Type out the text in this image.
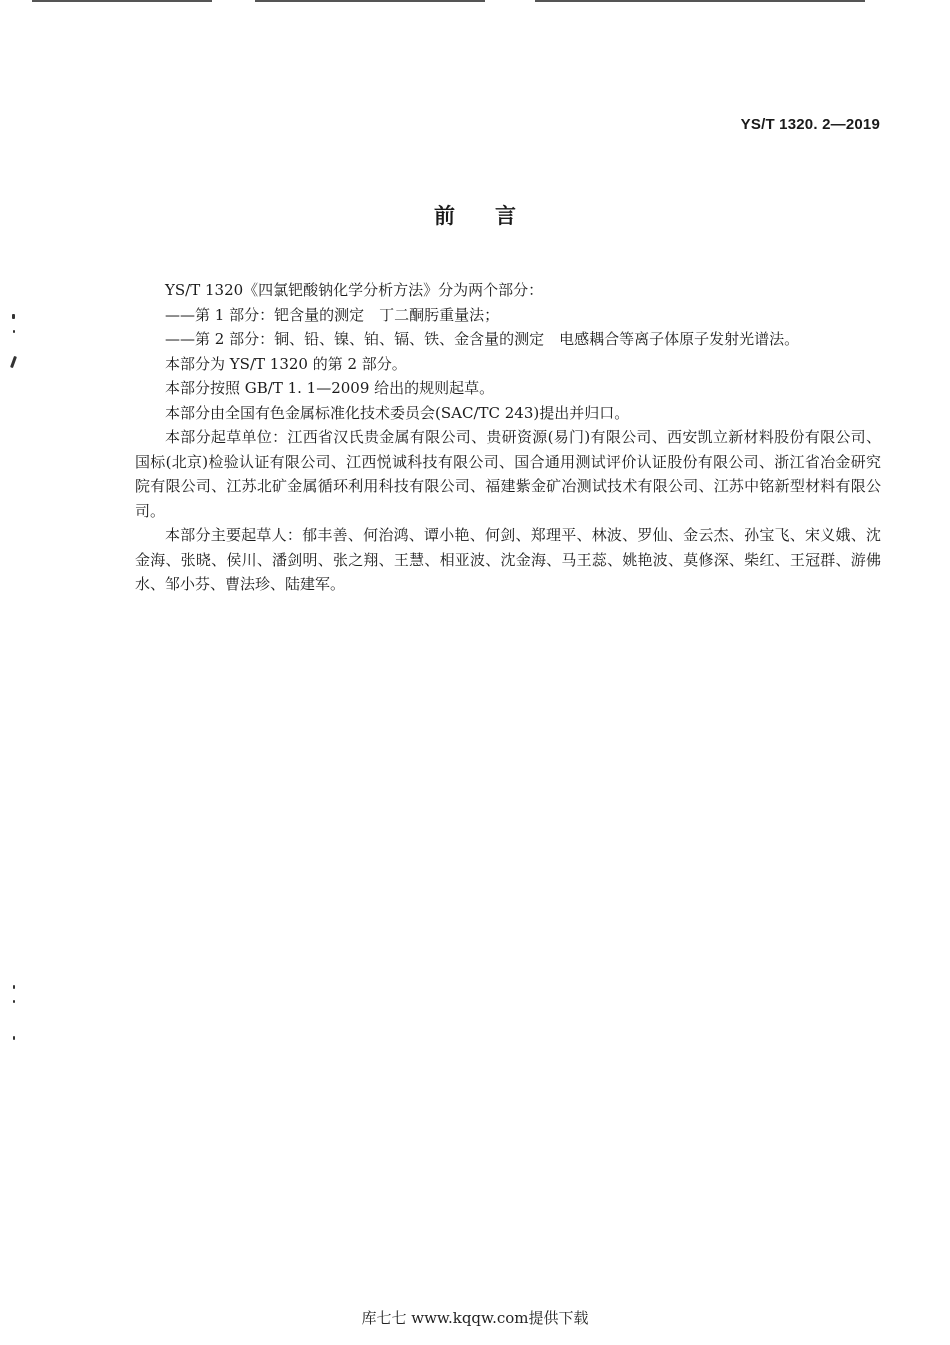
YS/T 1320. 2—2019
前言

YS/T 1320《四氯钯酸钠化学分析方法》分为两个部分：

——第 1 部分：钯含量的测定　丁二酮肟重量法；

——第 2 部分：铜、铅、镍、铂、镉、铁、金含量的测定　电感耦合等离子体原子发射光谱法。

本部分为 YS/T 1320 的第 2 部分。

本部分按照 GB/T 1. 1—2009 给出的规则起草。

本部分由全国有色金属标准化技术委员会(SAC/TC 243)提出并归口。

本部分起草单位：江西省汉氏贵金属有限公司、贵研资源(易门)有限公司、西安凯立新材料股份有限公司、国标(北京)检验认证有限公司、江西悦诚科技有限公司、国合通用测试评价认证股份有限公司、浙江省冶金研究院有限公司、江苏北矿金属循环利用科技有限公司、福建紫金矿冶测试技术有限公司、江苏中铭新型材料有限公司。

本部分主要起草人：郁丰善、何治鸿、谭小艳、何剑、郑理平、林波、罗仙、金云杰、孙宝飞、宋义娥、沈金海、张晓、侯川、潘剑明、张之翔、王慧、相亚波、沈金海、马王蕊、姚艳波、莫修深、柴红、王冠群、游佛水、邹小芬、曹法珍、陆建军。

库七七 www.kqqw.com提供下载
